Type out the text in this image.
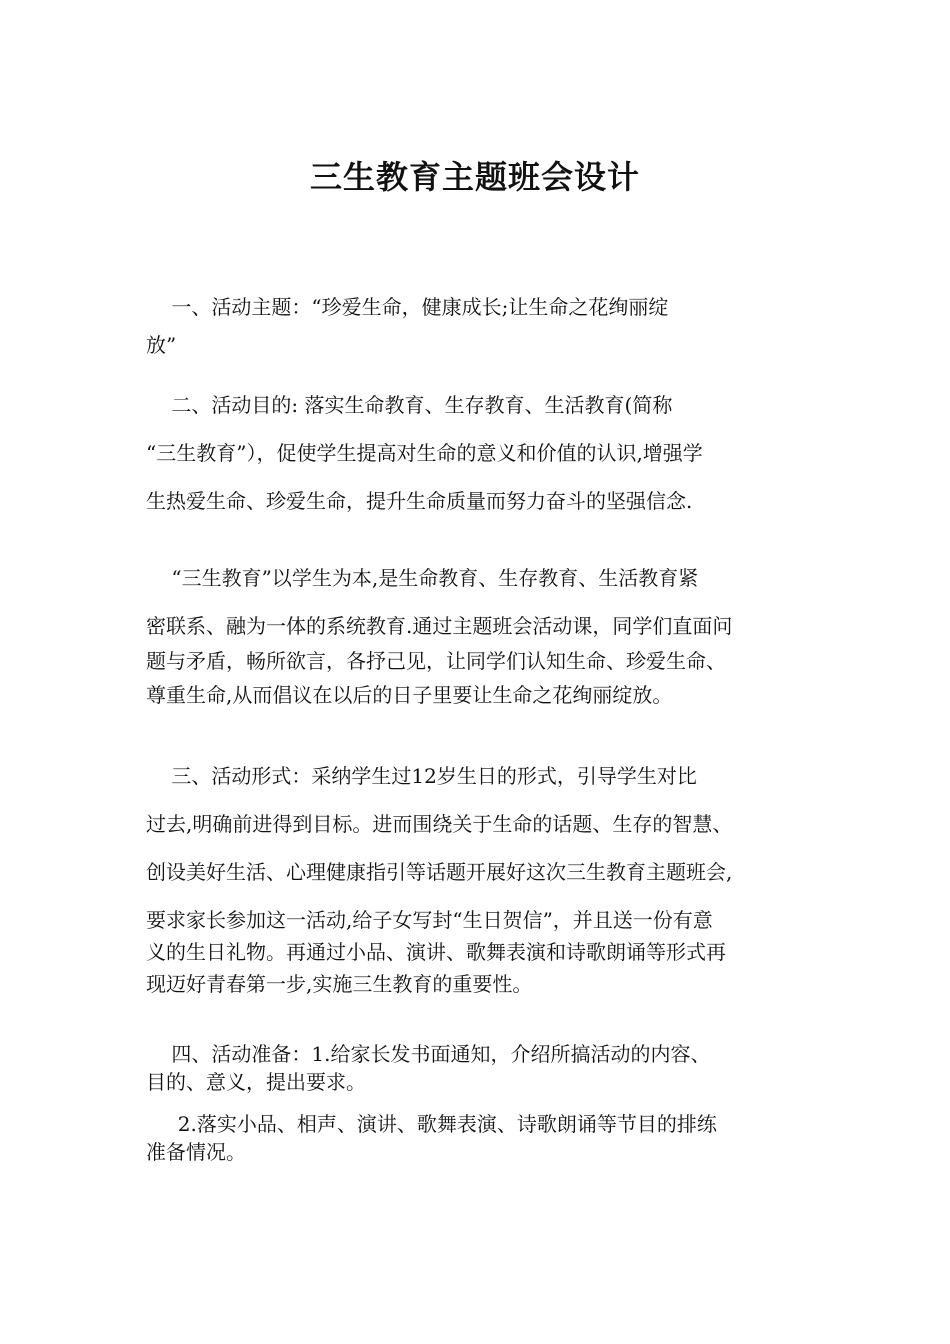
三生教育主题班会设计

一、活动主题：“珍爱生命，健康成长;让生命之花绚丽绽
放”

二、活动目的: 落实生命教育、生存教育、生活教育(简称
“三生教育”），促使学生提高对生命的意义和价值的认识,增强学
生热爱生命、珍爱生命，提升生命质量而努力奋斗的坚强信念.

“三生教育”以学生为本,是生命教育、生存教育、生活教育紧
密联系、融为一体的系统教育.通过主题班会活动课，同学们直面问
题与矛盾，畅所欲言，各抒己见，让同学们认知生命、珍爱生命、
尊重生命,从而倡议在以后的日子里要让生命之花绚丽绽放。

三、活动形式：采纳学生过12岁生日的形式，引导学生对比
过去,明确前进得到目标。进而围绕关于生命的话题、生存的智慧、
创设美好生活、心理健康指引等话题开展好这次三生教育主题班会,
要求家长参加这一活动,给子女写封“生日贺信”，并且送一份有意
义的生日礼物。再通过小品、演讲、歌舞表演和诗歌朗诵等形式再
现迈好青春第一步,实施三生教育的重要性。

四、活动准备：1.给家长发书面通知，介绍所搞活动的内容、
目的、意义，提出要求。

2.落实小品、相声、演讲、歌舞表演、诗歌朗诵等节目的排练
准备情况。
